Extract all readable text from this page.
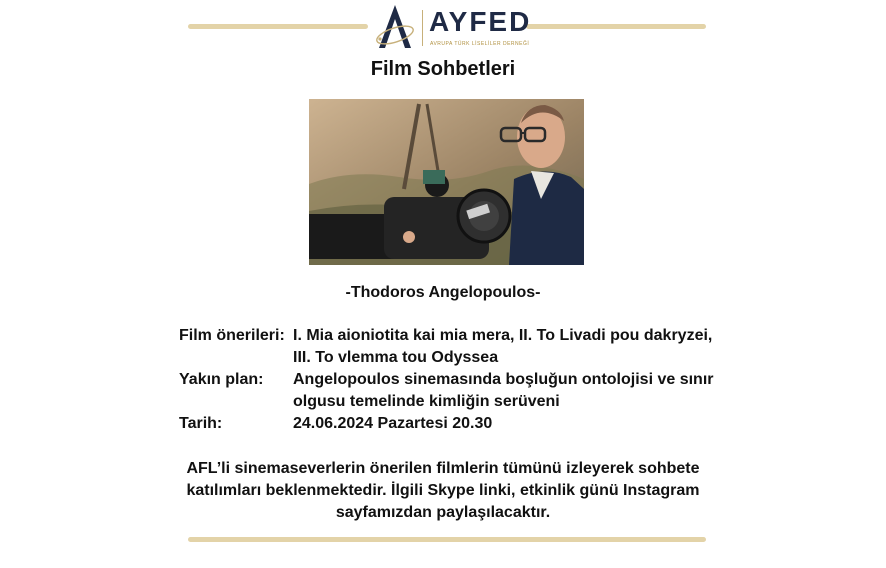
AYFED
AVRUPA TÜRK LİSELİLER DERNEĞİ
Film Sohbetleri
-Thodoros Angelopoulos-
Film önerileri: I. Mia aioniotita kai mia mera, II. To Livadi pou dakryzei, III. To vlemma tou Odyssea
Yakın plan:	Angelopoulos sinemasında boşluğun ontolojisi ve sınır olgusu temelinde kimliğin serüveni
Tarih:	24.06.2024 Pazartesi 20.30
AFL’li sinemaseverlerin önerilen filmlerin tümünü izleyerek sohbete katılımları beklenmektedir. İlgili Skype linki, etkinlik günü Instagram sayfamızdan paylaşılacaktır.
